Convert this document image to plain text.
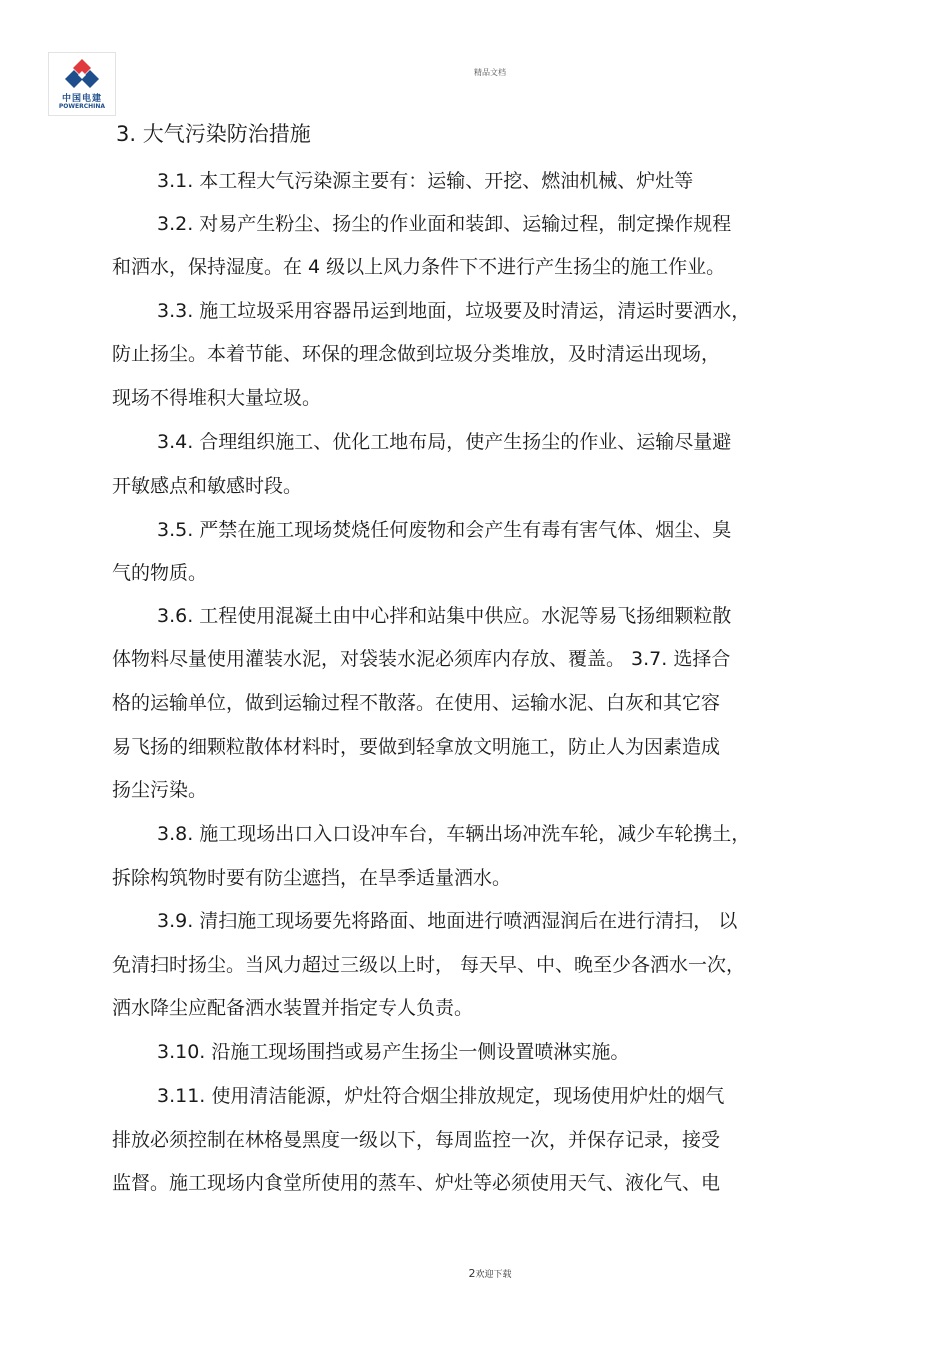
中国电建
POWERCHINA
精品文档
3. 大气污染防治措施
3.1. 本工程大气污染源主要有：运输、开挖、燃油机械、炉灶等
3.2. 对易产生粉尘、扬尘的作业面和装卸、运输过程，制定操作规程
和洒水，保持湿度。在 4 级以上风力条件下不进行产生扬尘的施工作业。
3.3. 施工垃圾采用容器吊运到地面，垃圾要及时清运，清运时要洒水，
防止扬尘。本着节能、环保的理念做到垃圾分类堆放，及时清运出现场，
现场不得堆积大量垃圾。
3.4. 合理组织施工、优化工地布局，使产生扬尘的作业、运输尽量避
开敏感点和敏感时段。
3.5. 严禁在施工现场焚烧任何废物和会产生有毒有害气体、烟尘、臭
气的物质。
3.6. 工程使用混凝土由中心拌和站集中供应。水泥等易飞扬细颗粒散
体物料尽量使用灌装水泥，对袋装水泥必须库内存放、覆盖。 3.7. 选择合
格的运输单位，做到运输过程不散落。在使用、运输水泥、白灰和其它容
易飞扬的细颗粒散体材料时，要做到轻拿放文明施工，防止人为因素造成
扬尘污染。
3.8. 施工现场出口入口设冲车台，车辆出场冲洗车轮，减少车轮携土，
拆除构筑物时要有防尘遮挡，在旱季适量洒水。
3.9. 清扫施工现场要先将路面、地面进行喷洒湿润后在进行清扫， 以
免清扫时扬尘。当风力超过三级以上时， 每天早、中、晚至少各洒水一次，
洒水降尘应配备洒水装置并指定专人负责。
3.10. 沿施工现场围挡或易产生扬尘一侧设置喷淋实施。
3.11. 使用清洁能源，炉灶符合烟尘排放规定，现场使用炉灶的烟气
排放必须控制在林格曼黑度一级以下，每周监控一次，并保存记录，接受
监督。施工现场内食堂所使用的蒸车、炉灶等必须使用天气、液化气、电
2欢迎下载
